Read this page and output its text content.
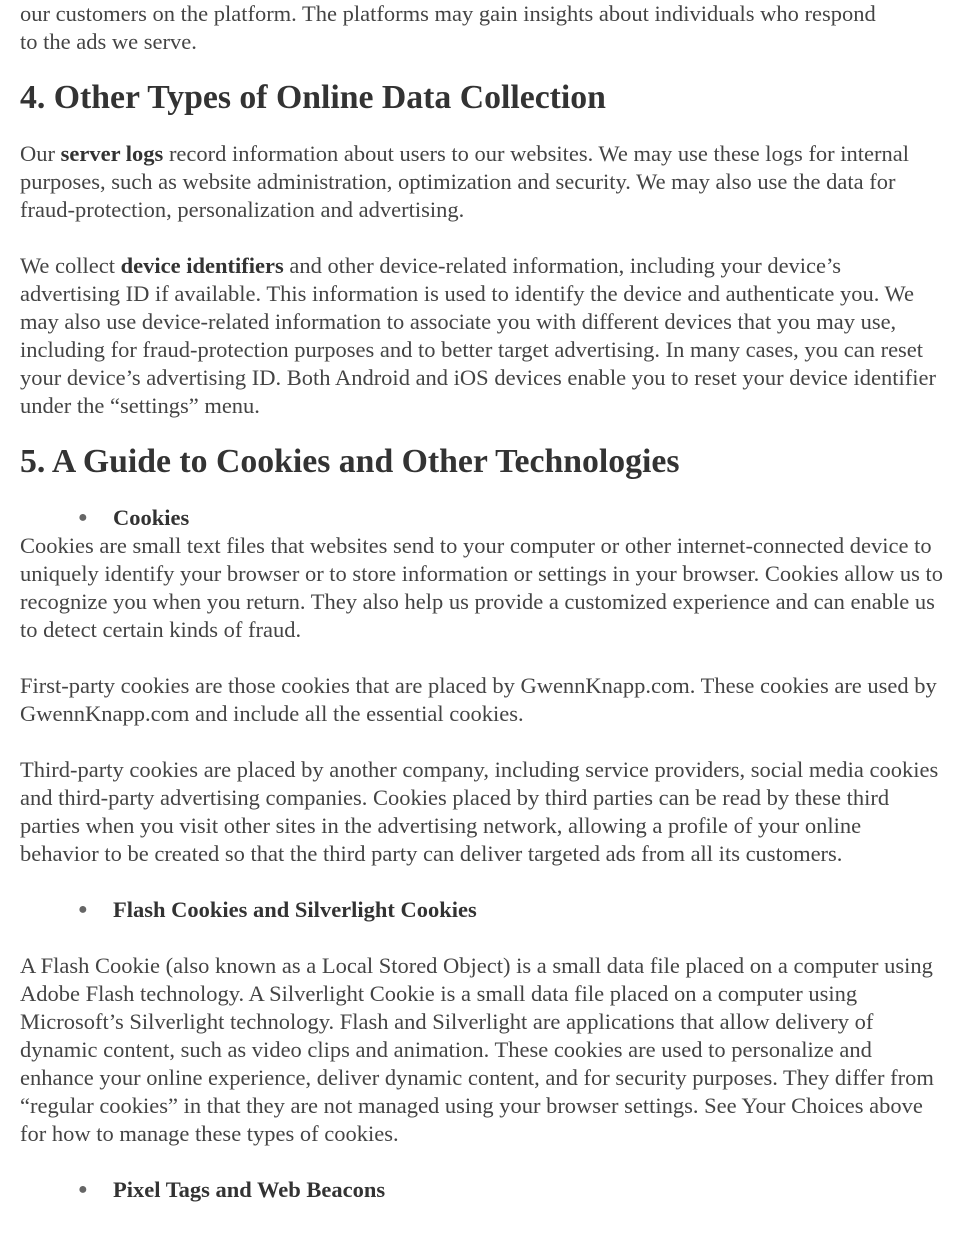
our customers on the platform. The platforms may gain insights about individuals who respond
to the ads we serve.

4. Other Types of Online Data Collection

Our server logs record information about users to our websites. We may use these logs for internal purposes, such as website administration, optimization and security. We may also use the data for fraud-protection, personalization and advertising.

We collect device identifiers and other device-related information, including your device’s advertising ID if available. This information is used to identify the device and authenticate you. We may also use device-related information to associate you with different devices that you may use, including for fraud-protection purposes and to better target advertising. In many cases, you can reset your device’s advertising ID. Both Android and iOS devices enable you to reset your device identifier under the “settings” menu.

5. A Guide to Cookies and Other Technologies

● Cookies

Cookies are small text files that websites send to your computer or other internet-connected device to uniquely identify your browser or to store information or settings in your browser. Cookies allow us to recognize you when you return. They also help us provide a customized experience and can enable us to detect certain kinds of fraud.

First-party cookies are those cookies that are placed by GwennKnapp.com. These cookies are used by GwennKnapp.com and include all the essential cookies.

Third-party cookies are placed by another company, including service providers, social media cookies and third-party advertising companies. Cookies placed by third parties can be read by these third parties when you visit other sites in the advertising network, allowing a profile of your online behavior to be created so that the third party can deliver targeted ads from all its customers.

● Flash Cookies and Silverlight Cookies

A Flash Cookie (also known as a Local Stored Object) is a small data file placed on a computer using Adobe Flash technology. A Silverlight Cookie is a small data file placed on a computer using Microsoft’s Silverlight technology. Flash and Silverlight are applications that allow delivery of dynamic content, such as video clips and animation. These cookies are used to personalize and enhance your online experience, deliver dynamic content, and for security purposes. They differ from “regular cookies” in that they are not managed using your browser settings. See Your Choices above for how to manage these types of cookies.

● Pixel Tags and Web Beacons
